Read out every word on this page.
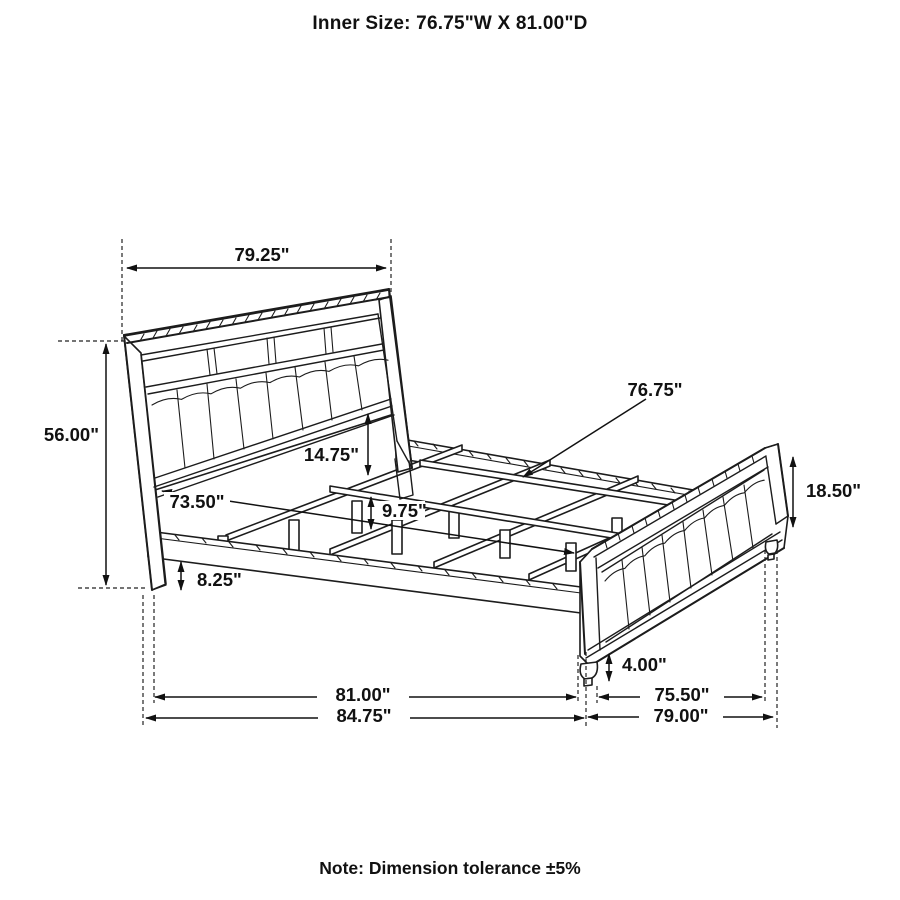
Inner Size: 76.75"W X 81.00"D
79.25"
56.00"
73.50"
14.75"
9.75"
76.75"
18.50"
8.25"
4.00"
81.00"
84.75"
75.50"
79.00"
Note: Dimension tolerance ±5%
